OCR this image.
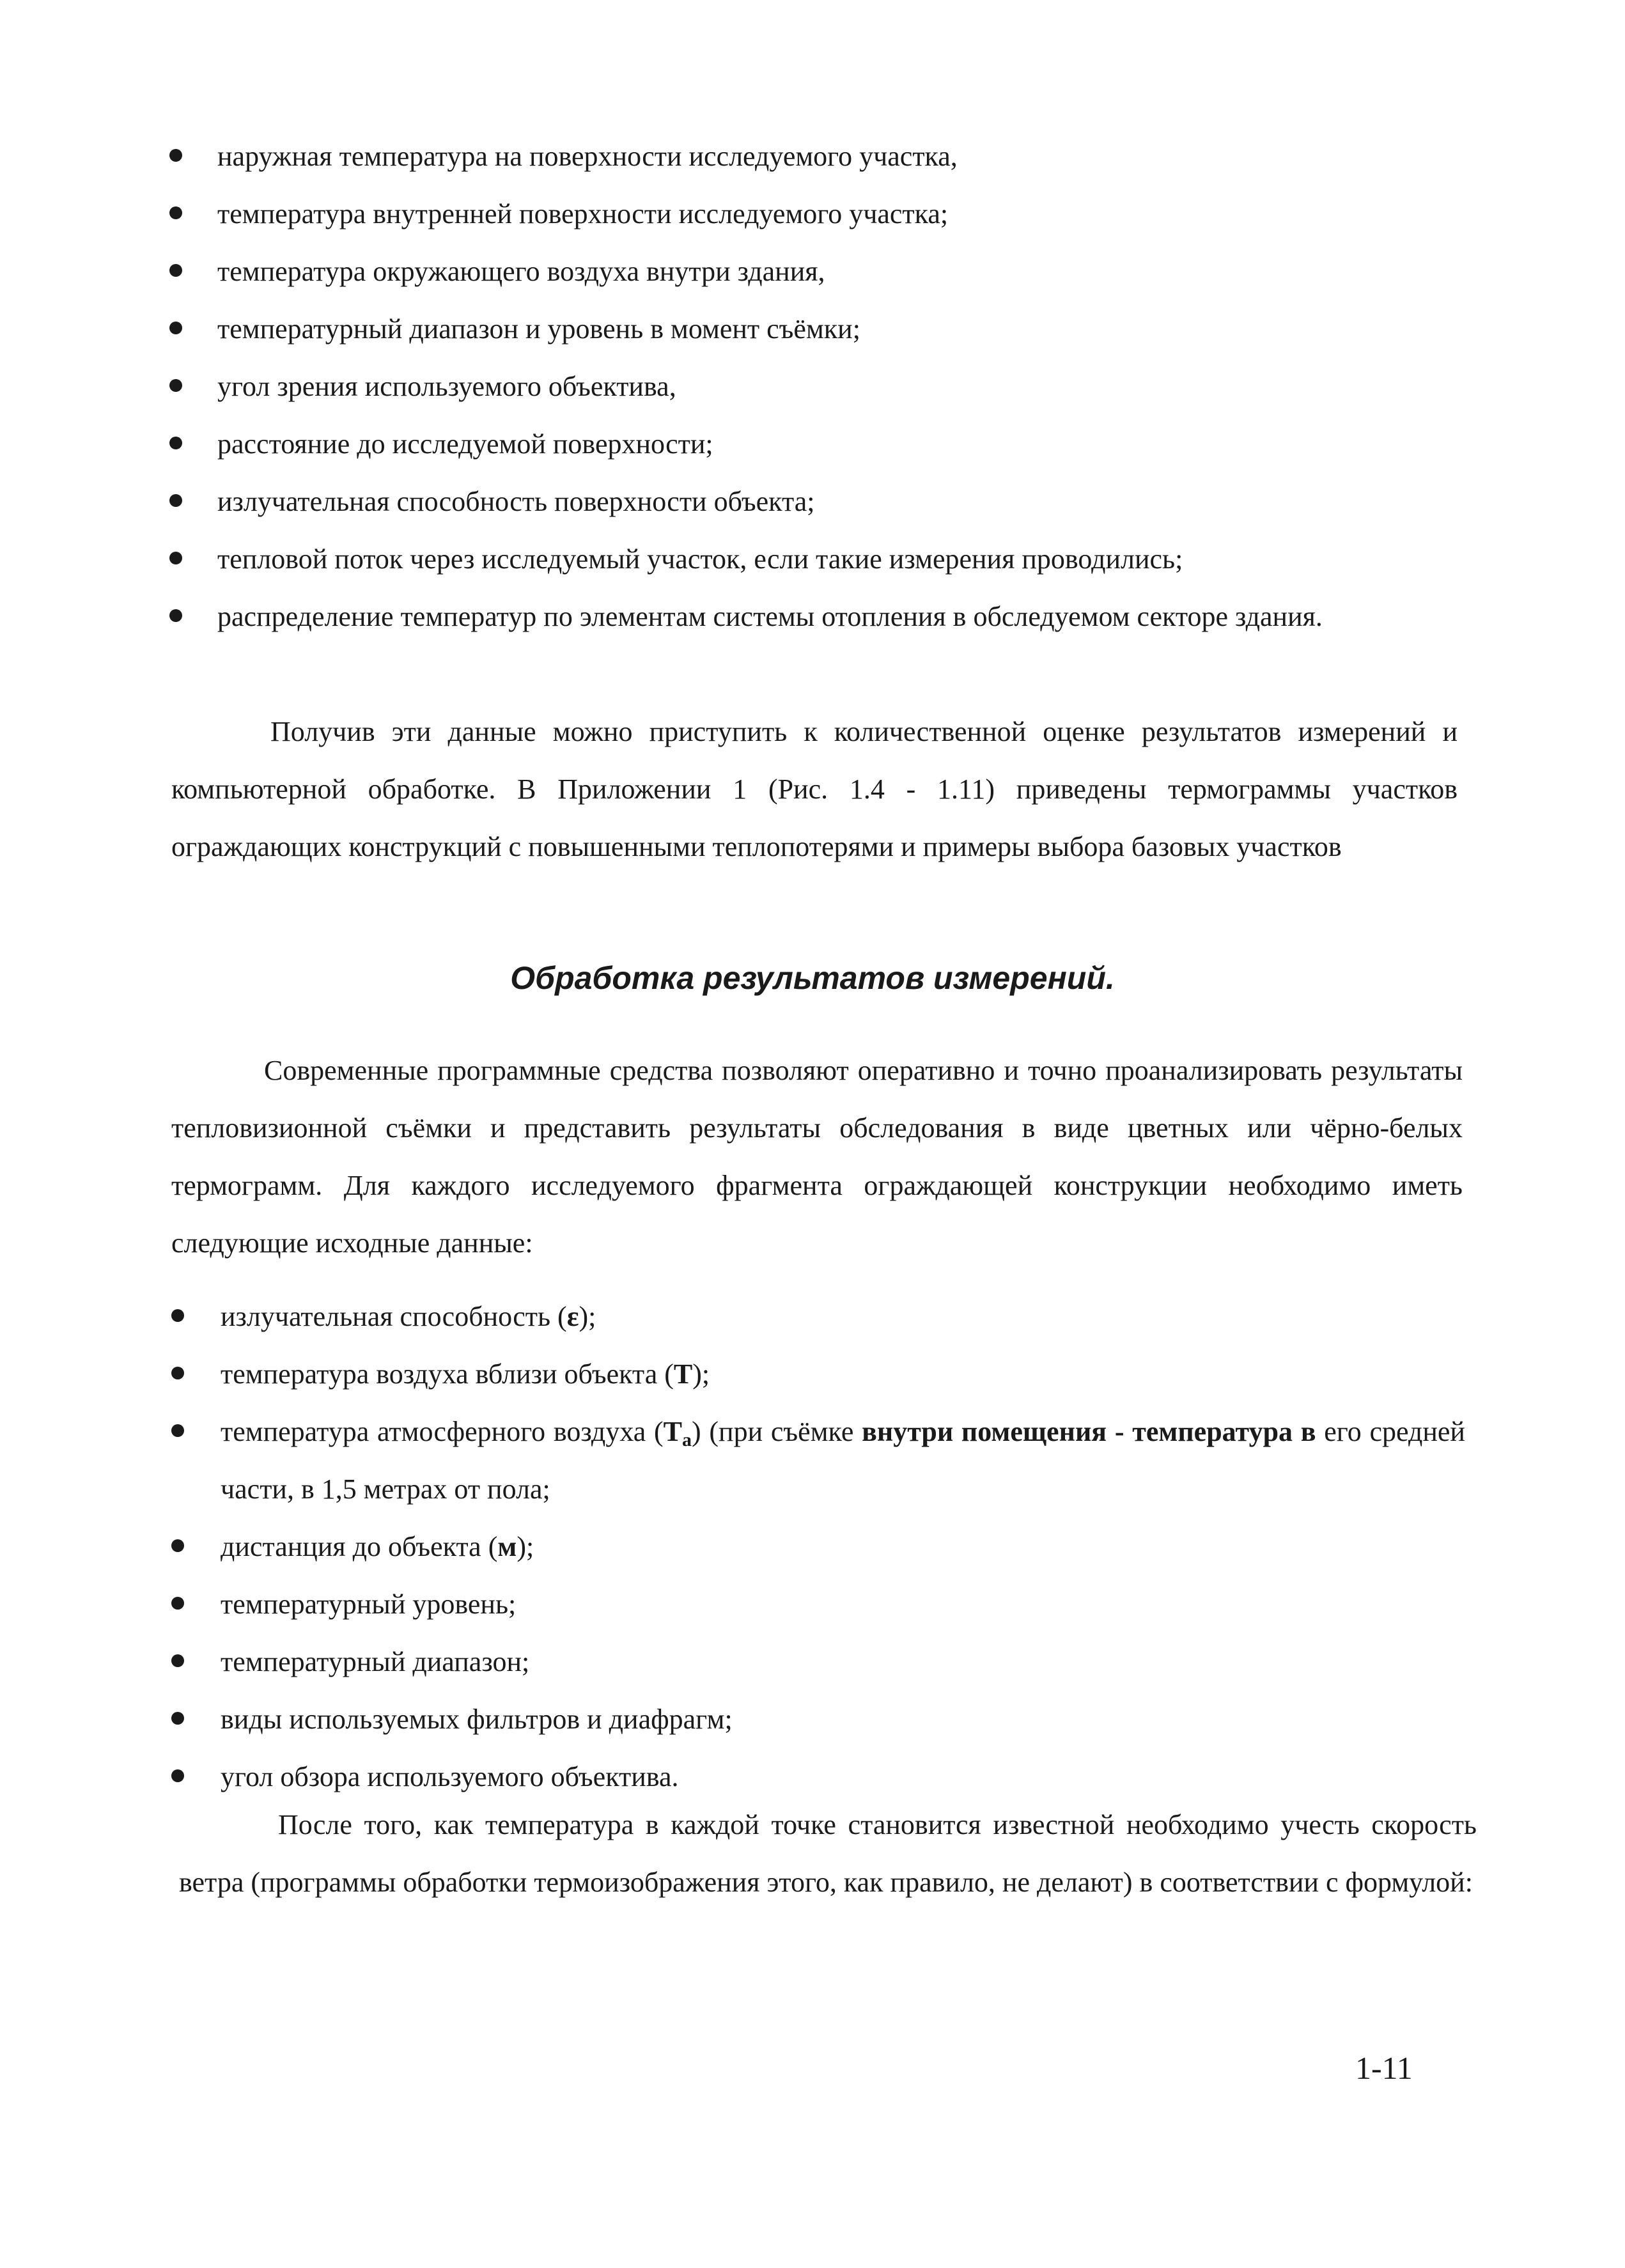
наружная температура на поверхности исследуемого участка,
температура внутренней поверхности исследуемого участка;
температура окружающего воздуха внутри здания,
температурный диапазон и уровень в момент съёмки;
угол зрения используемого объектива,
расстояние до исследуемой поверхности;
излучательная способность поверхности объекта;
тепловой поток через исследуемый участок, если такие измерения проводились;
распределение температур по элементам системы отопления в обследуемом секторе здания.

Получив эти данные можно приступить к количественной оценке результатов измерений и компьютерной обработке. В Приложении 1 (Рис. 1.4 - 1.11) приведены термограммы участков ограждающих конструкций с повышенными теплопотерями и примеры выбора базовых участков

Обработка результатов измерений.

Современные программные средства позволяют оперативно и точно проанализировать результаты тепловизионной съёмки и представить результаты обследования в виде цветных или чёрно-белых термограмм. Для каждого исследуемого фрагмента ограждающей конструкции необходимо иметь следующие исходные данные:

излучательная способность (ε);
температура воздуха вблизи объекта (T);
температура атмосферного воздуха $(T_a)$ (при съёмке внутри помещения - температура в его средней части, в 1,5 метрах от пола;
дистанция до объекта (м);
температурный уровень;
температурный диапазон;
виды используемых фильтров и диафрагм;
угол обзора используемого объектива.

После того, как температура в каждой точке становится известной необходимо учесть скорость ветра (программы обработки термоизображения этого, как правило, не делают) в соответствии с формулой:

1-11
